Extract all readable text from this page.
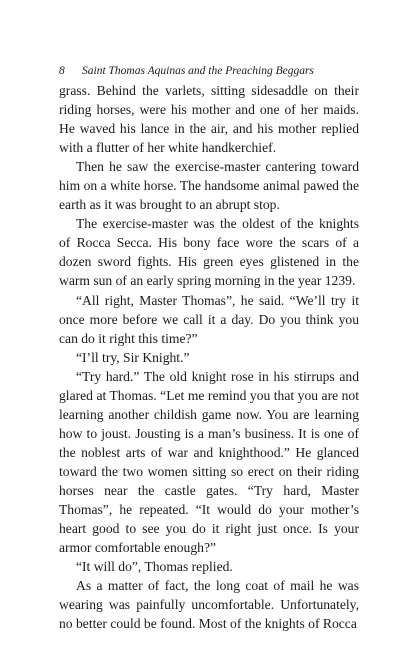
8	Saint Thomas Aquinas and the Preaching Beggars

grass. Behind the varlets, sitting sidesaddle on their riding horses, were his mother and one of her maids. He waved his lance in the air, and his mother replied with a flutter of her white handkerchief.

Then he saw the exercise-master cantering toward him on a white horse. The handsome animal pawed the earth as it was brought to an abrupt stop.

The exercise-master was the oldest of the knights of Rocca Secca. His bony face wore the scars of a dozen sword fights. His green eyes glistened in the warm sun of an early spring morning in the year 1239.

“All right, Master Thomas”, he said. “We’ll try it once more before we call it a day. Do you think you can do it right this time?”

“I’ll try, Sir Knight.”

“Try hard.” The old knight rose in his stirrups and glared at Thomas. “Let me remind you that you are not learning another childish game now. You are learning how to joust. Jousting is a man’s business. It is one of the noblest arts of war and knighthood.” He glanced toward the two women sitting so erect on their riding horses near the castle gates. “Try hard, Master Thomas”, he repeated. “It would do your mother’s heart good to see you do it right just once. Is your armor comfortable enough?”

“It will do”, Thomas replied.

As a matter of fact, the long coat of mail he was wearing was painfully uncomfortable. Unfortunately, no better could be found. Most of the knights of Rocca
